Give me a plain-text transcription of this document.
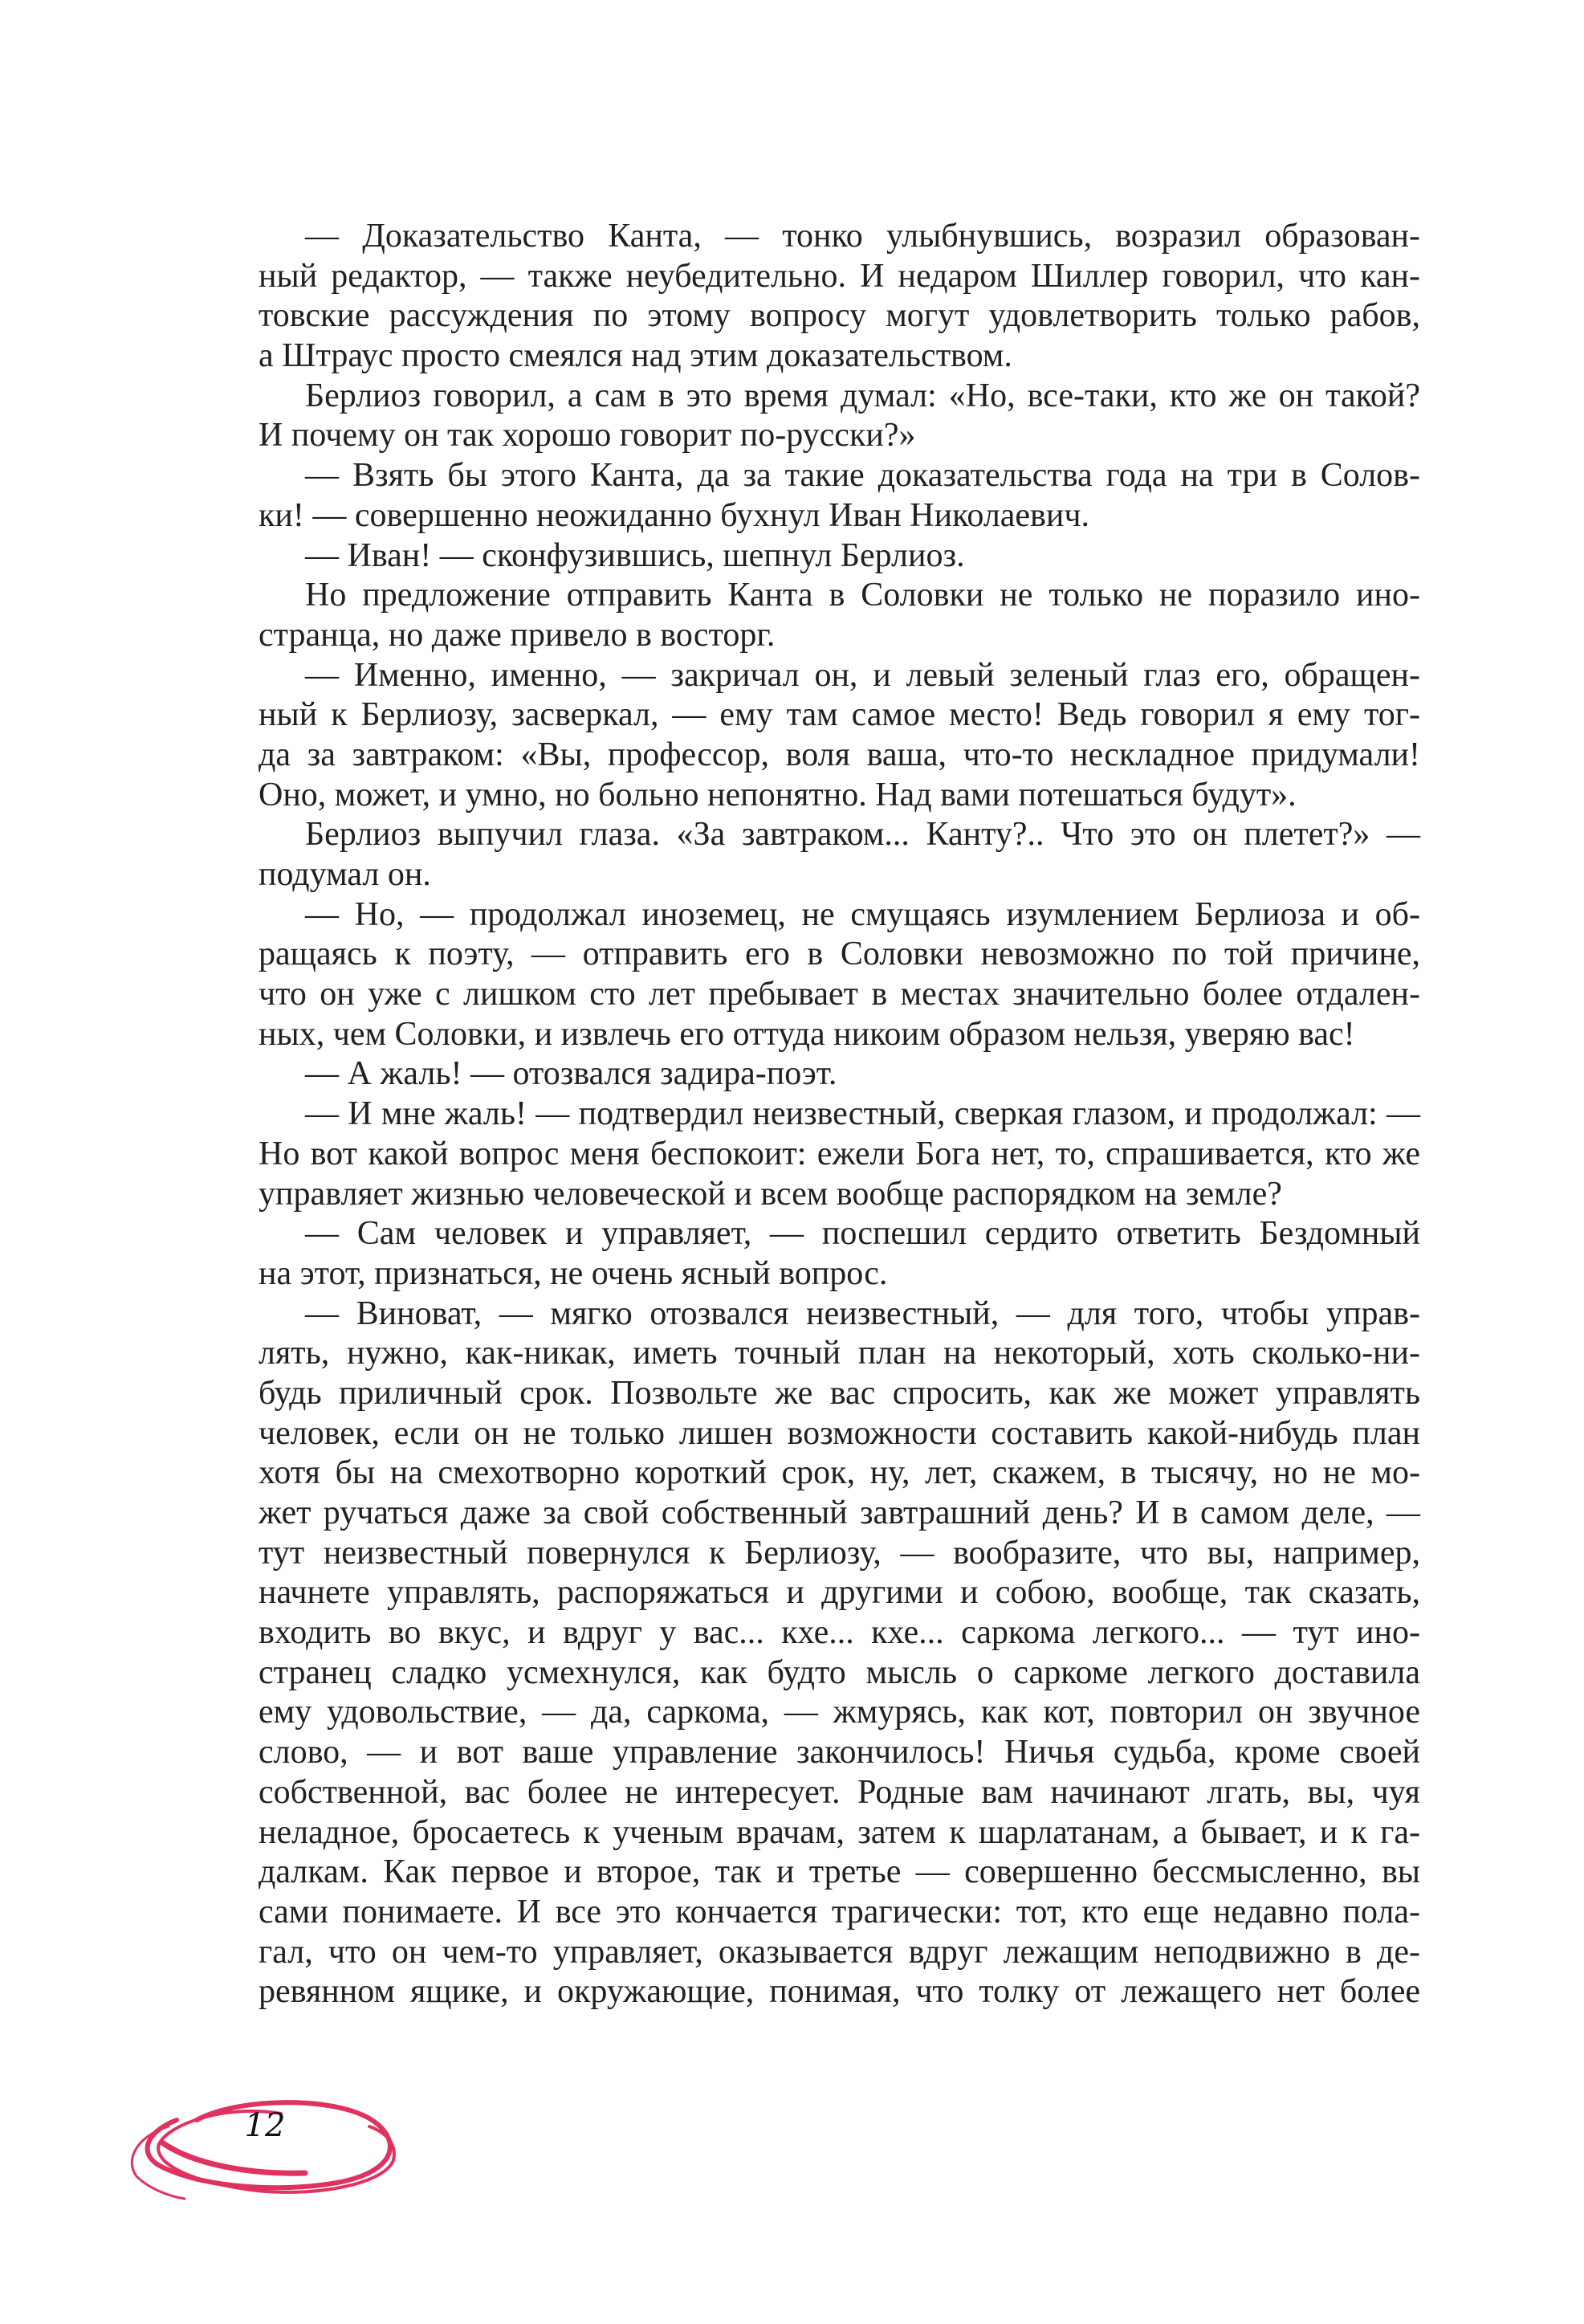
— Доказательство Канта, — тонко улыбнувшись, возразил образован-
ный редактор, — также неубедительно. И недаром Шиллер говорил, что кан-
товские рассуждения по этому вопросу могут удовлетворить только рабов,
а Штраус просто смеялся над этим доказательством.
Берлиоз говорил, а сам в это время думал: «Но, все-таки, кто же он такой?
И почему он так хорошо говорит по-русски?»
— Взять бы этого Канта, да за такие доказательства года на три в Солов-
ки! — совершенно неожиданно бухнул Иван Николаевич.
— Иван! — сконфузившись, шепнул Берлиоз.
Но предложение отправить Канта в Соловки не только не поразило ино-
странца, но даже привело в восторг.
— Именно, именно, — закричал он, и левый зеленый глаз его, обращен-
ный к Берлиозу, засверкал, — ему там самое место! Ведь говорил я ему тог-
да за завтраком: «Вы, профессор, воля ваша, что-то нескладное придумали!
Оно, может, и умно, но больно непонятно. Над вами потешаться будут».
Берлиоз выпучил глаза. «За завтраком... Канту?.. Что это он плетет?» —
подумал он.
— Но, — продолжал иноземец, не смущаясь изумлением Берлиоза и об-
ращаясь к поэту, — отправить его в Соловки невозможно по той причине,
что он уже с лишком сто лет пребывает в местах значительно более отдален-
ных, чем Соловки, и извлечь его оттуда никоим образом нельзя, уверяю вас!
— А жаль! — отозвался задира-поэт.
— И мне жаль! — подтвердил неизвестный, сверкая глазом, и продолжал: —
Но вот какой вопрос меня беспокоит: ежели Бога нет, то, спрашивается, кто же
управляет жизнью человеческой и всем вообще распорядком на земле?
— Сам человек и управляет, — поспешил сердито ответить Бездомный
на этот, признаться, не очень ясный вопрос.
— Виноват, — мягко отозвался неизвестный, — для того, чтобы управ-
лять, нужно, как-никак, иметь точный план на некоторый, хоть сколько-ни-
будь приличный срок. Позвольте же вас спросить, как же может управлять
человек, если он не только лишен возможности составить какой-нибудь план
хотя бы на смехотворно короткий срок, ну, лет, скажем, в тысячу, но не мо-
жет ручаться даже за свой собственный завтрашний день? И в самом деле, —
тут неизвестный повернулся к Берлиозу, — вообразите, что вы, например,
начнете управлять, распоряжаться и другими и собою, вообще, так сказать,
входить во вкус, и вдруг у вас... кхе... кхе... саркома легкого... — тут ино-
странец сладко усмехнулся, как будто мысль о саркоме легкого доставила
ему удовольствие, — да, саркома, — жмурясь, как кот, повторил он звучное
слово, — и вот ваше управление закончилось! Ничья судьба, кроме своей
собственной, вас более не интересует. Родные вам начинают лгать, вы, чуя
неладное, бросаетесь к ученым врачам, затем к шарлатанам, а бывает, и к га-
далкам. Как первое и второе, так и третье — совершенно бессмысленно, вы
сами понимаете. И все это кончается трагически: тот, кто еще недавно пола-
гал, что он чем-то управляет, оказывается вдруг лежащим неподвижно в де-
ревянном ящике, и окружающие, понимая, что толку от лежащего нет более
12
